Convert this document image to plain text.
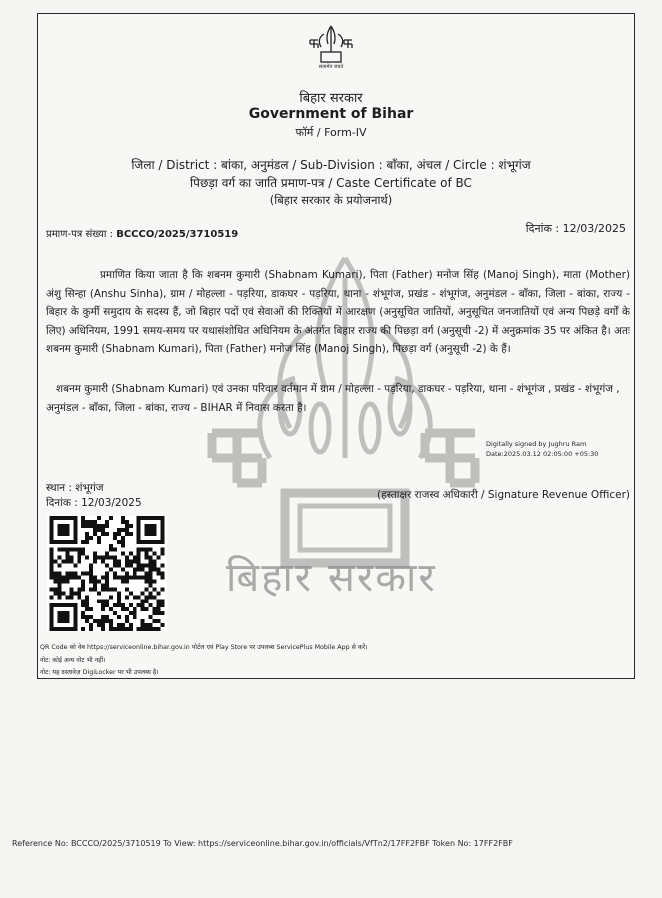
बिहार सरकार
सत्यमेव जयते
बिहार सरकार
Government of Bihar
फॉर्म / Form-IV
जिला / District : बांका, अनुमंडल / Sub-Division : बाँका, अंचल / Circle : शंभूगंज
पिछड़ा वर्ग का जाति प्रमाण-पत्र / Caste Certificate of BC
(बिहार सरकार के प्रयोजनार्थ)
प्रमाण-पत्र संख्या : BCCCO/2025/3710519	दिनांक : 12/03/2025
प्रमाणित किया जाता है कि शबनम कुमारी (Shabnam Kumari), पिता (Father) मनोज सिंह (Manoj Singh), माता (Mother) अंशु सिन्हा (Anshu Sinha), ग्राम / मोहल्ला - पड़रिया, डाकघर - पड़रिया, थाना - शंभूगंज, प्रखंड - शंभूगंज, अनुमंडल - बाँका, जिला - बांका, राज्य - बिहार के कुर्मी समुदाय के सदस्य हैं, जो बिहार पदों एवं सेवाओं की रिक्तियों में आरक्षण (अनुसूचित जातियों, अनुसूचित जनजातियों एवं अन्य पिछड़े वर्गों के लिए) अधिनियम, 1991 समय-समय पर यथासंशोधित अधिनियम के अंतर्गत बिहार राज्य की पिछड़ा वर्ग (अनुसूची -2) में अनुक्रमांक 35 पर अंकित है। अतः शबनम कुमारी (Shabnam Kumari), पिता (Father) मनोज सिंह (Manoj Singh), पिछड़ा वर्ग (अनुसूची -2) के हैं।
शबनम कुमारी (Shabnam Kumari) एवं उनका परिवार वर्तमान में ग्राम / मोहल्ला - पड़रिया, डाकघर - पड़रिया, थाना - शंभूगंज , प्रखंड - शंभूगंज , अनुमंडल - बाँका, जिला - बांका, राज्य - BIHAR में निवास करता है।
Digitally signed by Jughru Ram
Date:2025.03.12 02:05:00 +05:30
स्थान : शंभूगंज
दिनांक : 12/03/2025
(हस्ताक्षर राजस्व अधिकारी / Signature Revenue Officer)
QR Code को वेब https://serviceonline.bihar.gov.in पोर्टल एवं Play Store पर उपलब्ध ServicePlus Mobile App से करें।
नोट: कोई अन्य नोट भी नहीं।
नोट: यह दस्तावेज़ DigiLocker पर भी उपलब्ध है।
Reference No: BCCCO/2025/3710519 To View: https://serviceonline.bihar.gov.in/officials/VfTn2/17FF2FBF Token No: 17FF2FBF
